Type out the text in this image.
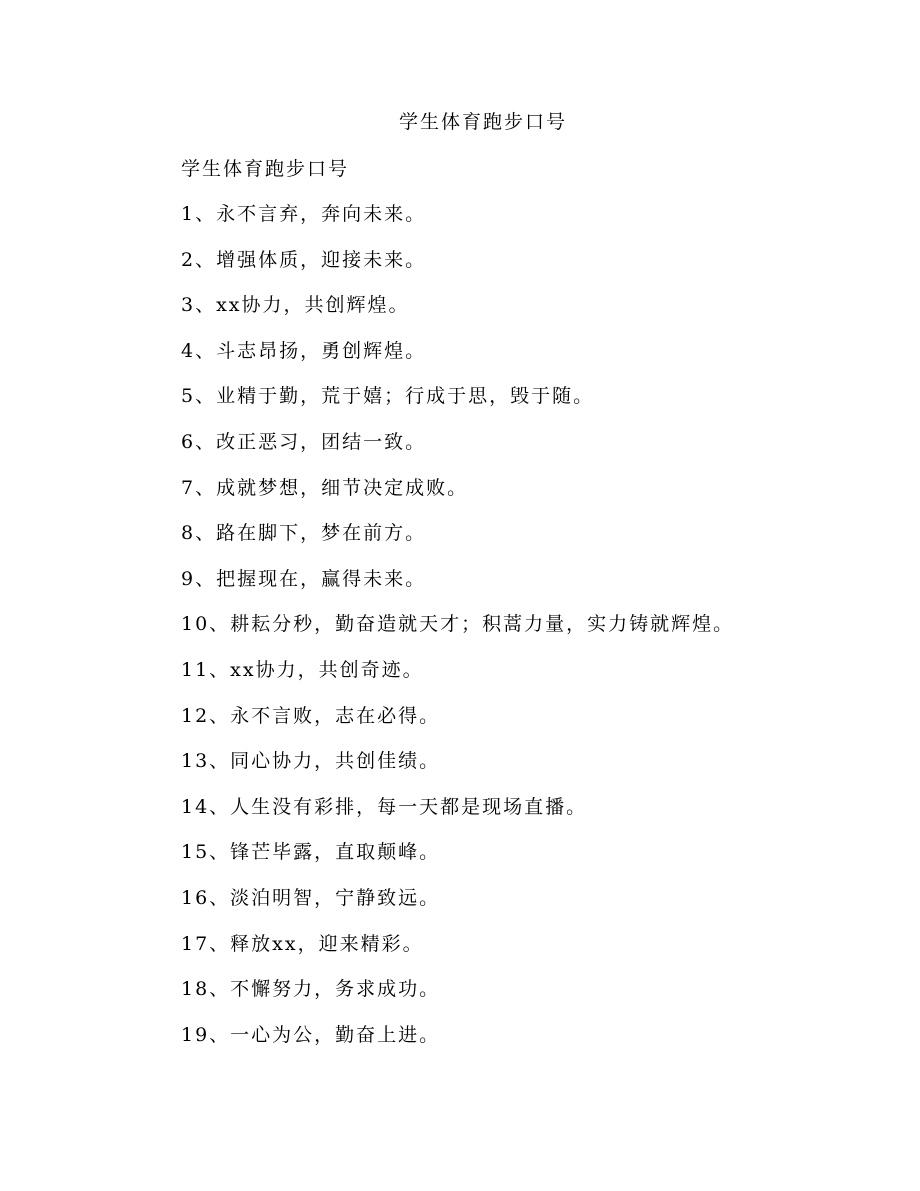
学生体育跑步口号
学生体育跑步口号
1、永不言弃，奔向未来。
2、增强体质，迎接未来。
3、xx协力，共创辉煌。
4、斗志昂扬，勇创辉煌。
5、业精于勤，荒于嬉；行成于思，毁于随。
6、改正恶习，团结一致。
7、成就梦想，细节决定成败。
8、路在脚下，梦在前方。
9、把握现在，赢得未来。
10、耕耘分秒，勤奋造就天才；积蒿力量，实力铸就辉煌。
11、xx协力，共创奇迹。
12、永不言败，志在必得。
13、同心协力，共创佳绩。
14、人生没有彩排，每一天都是现场直播。
15、锋芒毕露，直取颠峰。
16、淡泊明智，宁静致远。
17、释放xx，迎来精彩。
18、不懈努力，务求成功。
19、一心为公，勤奋上进。
